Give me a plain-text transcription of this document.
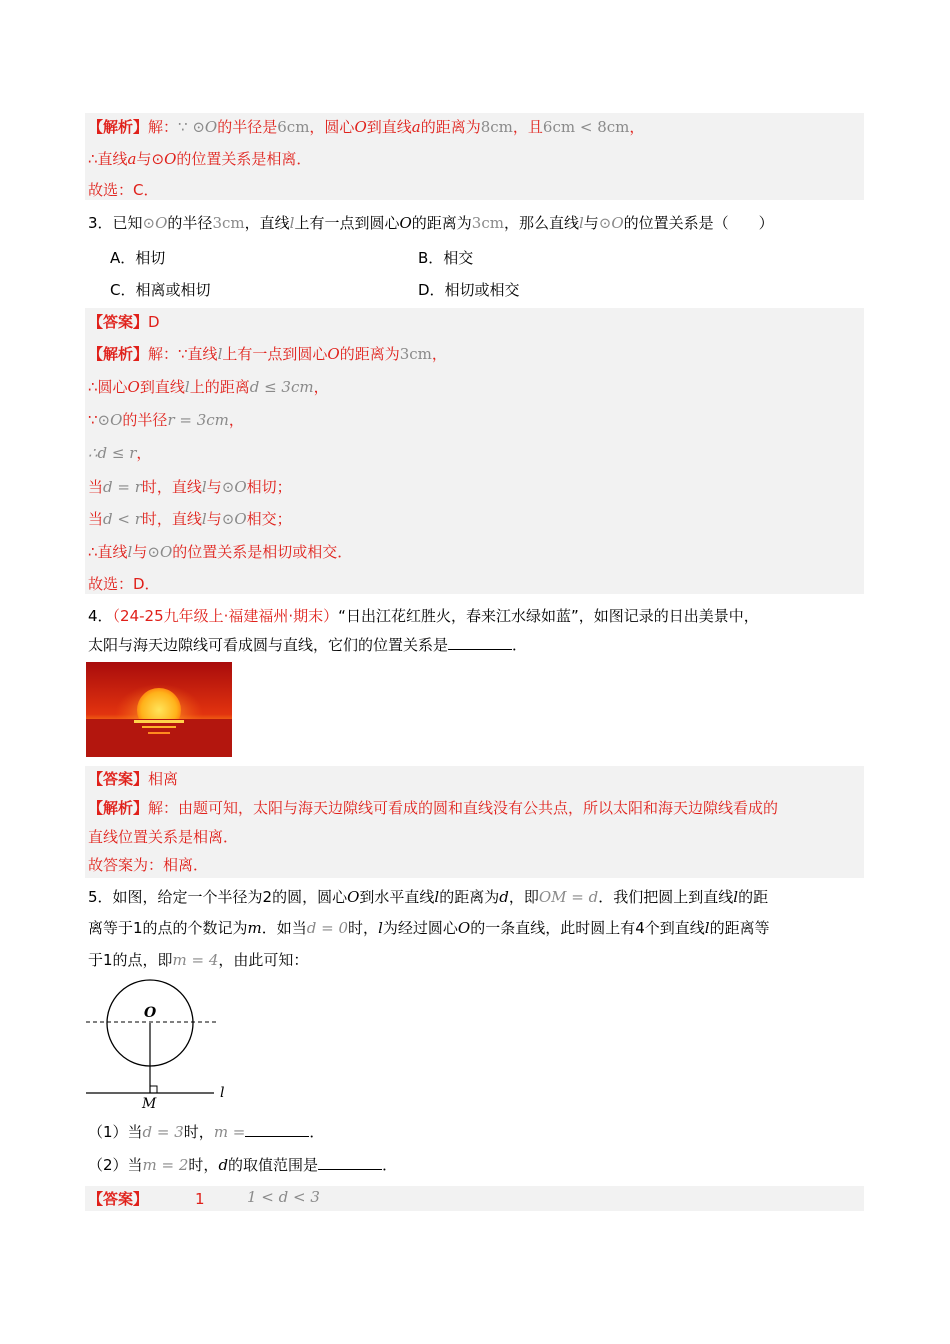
【解析】解：∵ ⊙O的半径是6cm，圆心O到直线a的距离为8cm，且6cm < 8cm，
∴直线a与⊙O的位置关系是相离．
故选：C．
3．已知⊙O的半径3cm，直线l上有一点到圆心O的距离为3cm，那么直线l与⊙O的位置关系是（　　）
A．相切	B．相交
C．相离或相切	D．相切或相交
【答案】D
【解析】解：∵直线l上有一点到圆心O的距离为3cm，
∴圆心O到直线l上的距离d ≤ 3cm，
∵⊙O的半径r = 3cm，
∴d ≤ r，
当d = r时，直线l与⊙O相切；
当d < r时，直线l与⊙O相交；
∴直线l与⊙O的位置关系是相切或相交．
故选：D．
4．（24-25九年级上·福建福州·期末）“日出江花红胜火，春来江水绿如蓝”，如图记录的日出美景中，
太阳与海天边隙线可看成圆与直线，它们的位置关系是	．
【答案】相离
【解析】解：由题可知，太阳与海天边隙线可看成的圆和直线没有公共点，所以太阳和海天边隙线看成的
直线位置关系是相离．
故答案为：相离．
5．如图，给定一个半径为2的圆，圆心O到水平直线l的距离为d，即OM = d．我们把圆上到直线l的距
离等于1的点的个数记为m．如当d = 0时，l为经过圆心O的一条直线，此时圆上有4个到直线l的距离等
于1的点，即m = 4，由此可知：
O
M
l
（1）当d = 3时，m =	．
（2）当m = 2时，d的取值范围是	．
【答案】	1	1 < d < 3
